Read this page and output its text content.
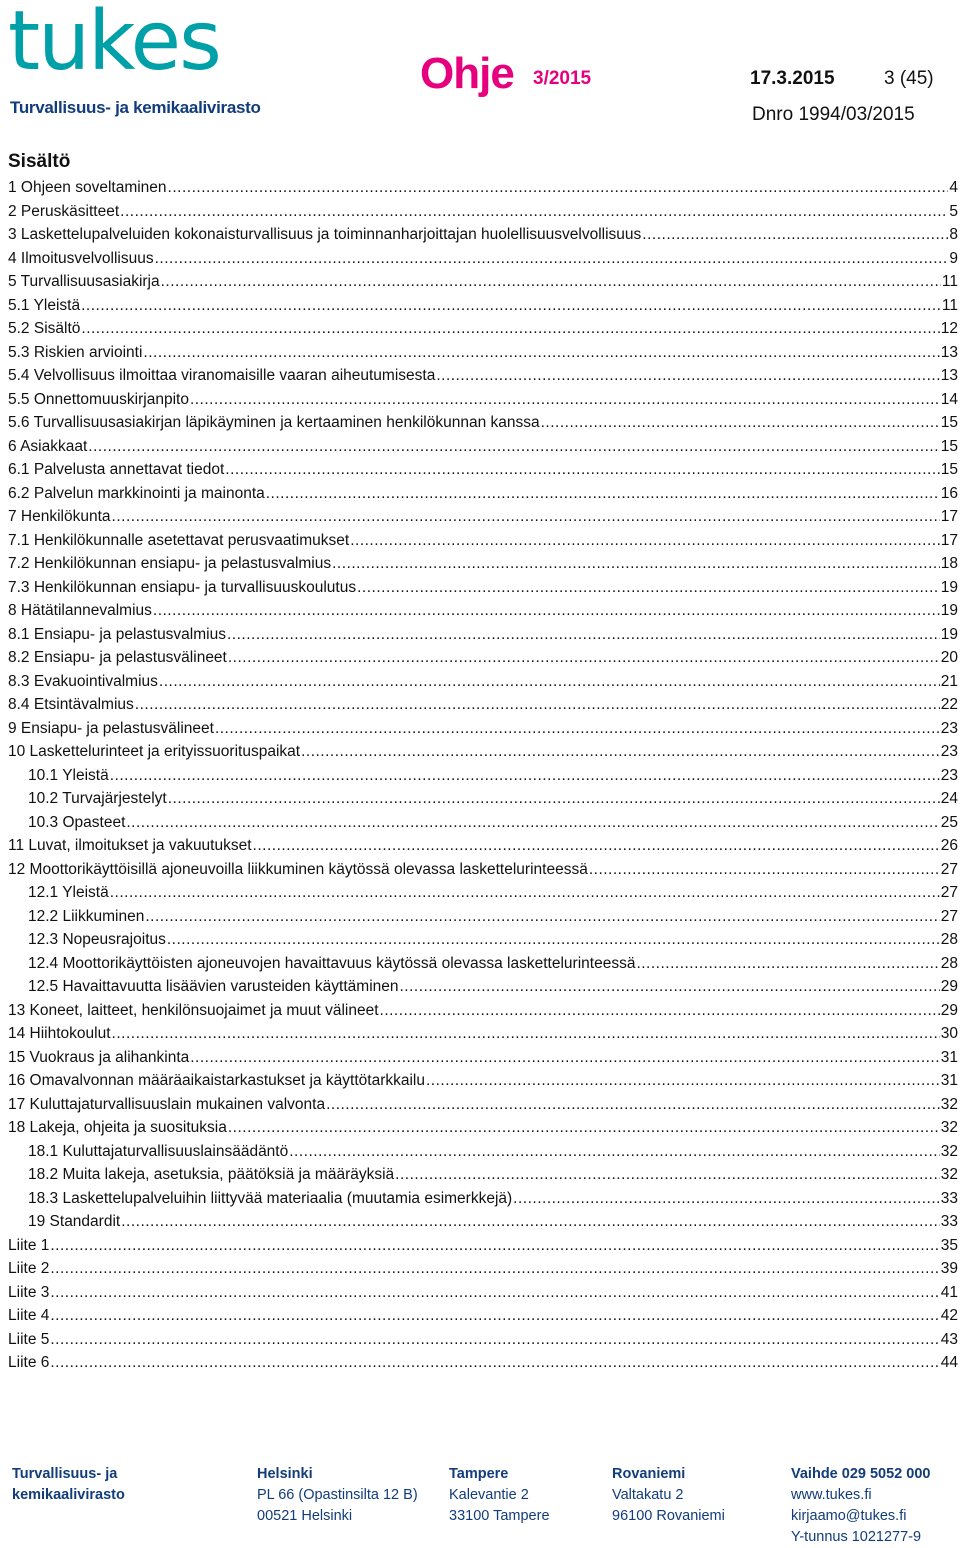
tukes
Turvallisuus- ja kemikaalivirasto
Ohje 3/2015	17.3.2015	3 (45)
Dnro 1994/03/2015
Sisältö
1 Ohjeen soveltaminen .....	4
2 Peruskäsitteet .....	5
3 Laskettelupalveluiden kokonaisturvallisuus ja toiminnanharjoittajan huolellisuusvelvollisuus .....	8
4 Ilmoitusvelvollisuus .....	9
5 Turvallisuusasiakirja .....	11
5.1 Yleistä .....	11
5.2 Sisältö .....	12
5.3 Riskien arviointi .....	13
5.4 Velvollisuus ilmoittaa viranomaisille vaaran aiheutumisesta .....	13
5.5 Onnettomuuskirjanpito .....	14
5.6 Turvallisuusasiakirjan läpikäyminen ja kertaaminen henkilökunnan kanssa .....	15
6 Asiakkaat .....	15
6.1 Palvelusta annettavat tiedot .....	15
6.2 Palvelun markkinointi ja mainonta .....	16
7 Henkilökunta .....	17
7.1 Henkilökunnalle asetettavat perusvaatimukset .....	17
7.2 Henkilökunnan ensiapu- ja pelastusvalmius .....	18
7.3 Henkilökunnan ensiapu- ja turvallisuuskoulutus .....	19
8 Hätätilannevalmius .....	19
8.1 Ensiapu- ja pelastusvalmius .....	19
8.2 Ensiapu- ja pelastusvälineet .....	20
8.3 Evakuointivalmius .....	21
8.4 Etsintävalmius .....	22
9 Ensiapu- ja pelastusvälineet .....	23
10 Laskettelurinteet ja erityissuorituspaikat .....	23
10.1 Yleistä .....	23
10.2 Turvajärjestelyt .....	24
10.3 Opasteet .....	25
11 Luvat, ilmoitukset ja vakuutukset .....	26
12 Moottorikäyttöisillä ajoneuvoilla liikkuminen käytössä olevassa laskettelurinteessä .....	27
12.1 Yleistä .....	27
12.2 Liikkuminen .....	27
12.3 Nopeusrajoitus .....	28
12.4 Moottorikäyttöisten ajoneuvojen havaittavuus käytössä olevassa laskettelurinteessä .....	28
12.5 Havaittavuutta lisäävien varusteiden käyttäminen .....	29
13 Koneet, laitteet, henkilönsuojaimet ja muut välineet .....	29
14 Hiihtokoulut .....	30
15 Vuokraus ja alihankinta .....	31
16 Omavalvonnan määräaikaistarkastukset ja käyttötarkkailu .....	31
17 Kuluttajaturvallisuuslain mukainen valvonta .....	32
18 Lakeja, ohjeita ja suosituksia .....	32
18.1 Kuluttajaturvallisuuslainsäädäntö .....	32
18.2 Muita lakeja, asetuksia, päätöksiä ja määräyksiä .....	32
18.3 Laskettelupalveluihin liittyvää materiaalia (muutamia esimerkkejä) .....	33
19 Standardit .....	33
Liite 1 .....	35
Liite 2 .....	39
Liite 3 .....	41
Liite 4 .....	42
Liite 5 .....	43
Liite 6 .....	44
Turvallisuus- ja
kemikaalivirasto
Helsinki
PL 66 (Opastinsilta 12 B)
00521 Helsinki
Tampere
Kalevantie 2
33100 Tampere
Rovaniemi
Valtakatu 2
96100 Rovaniemi
Vaihde 029 5052 000
www.tukes.fi
kirjaamo@tukes.fi
Y-tunnus 1021277-9
